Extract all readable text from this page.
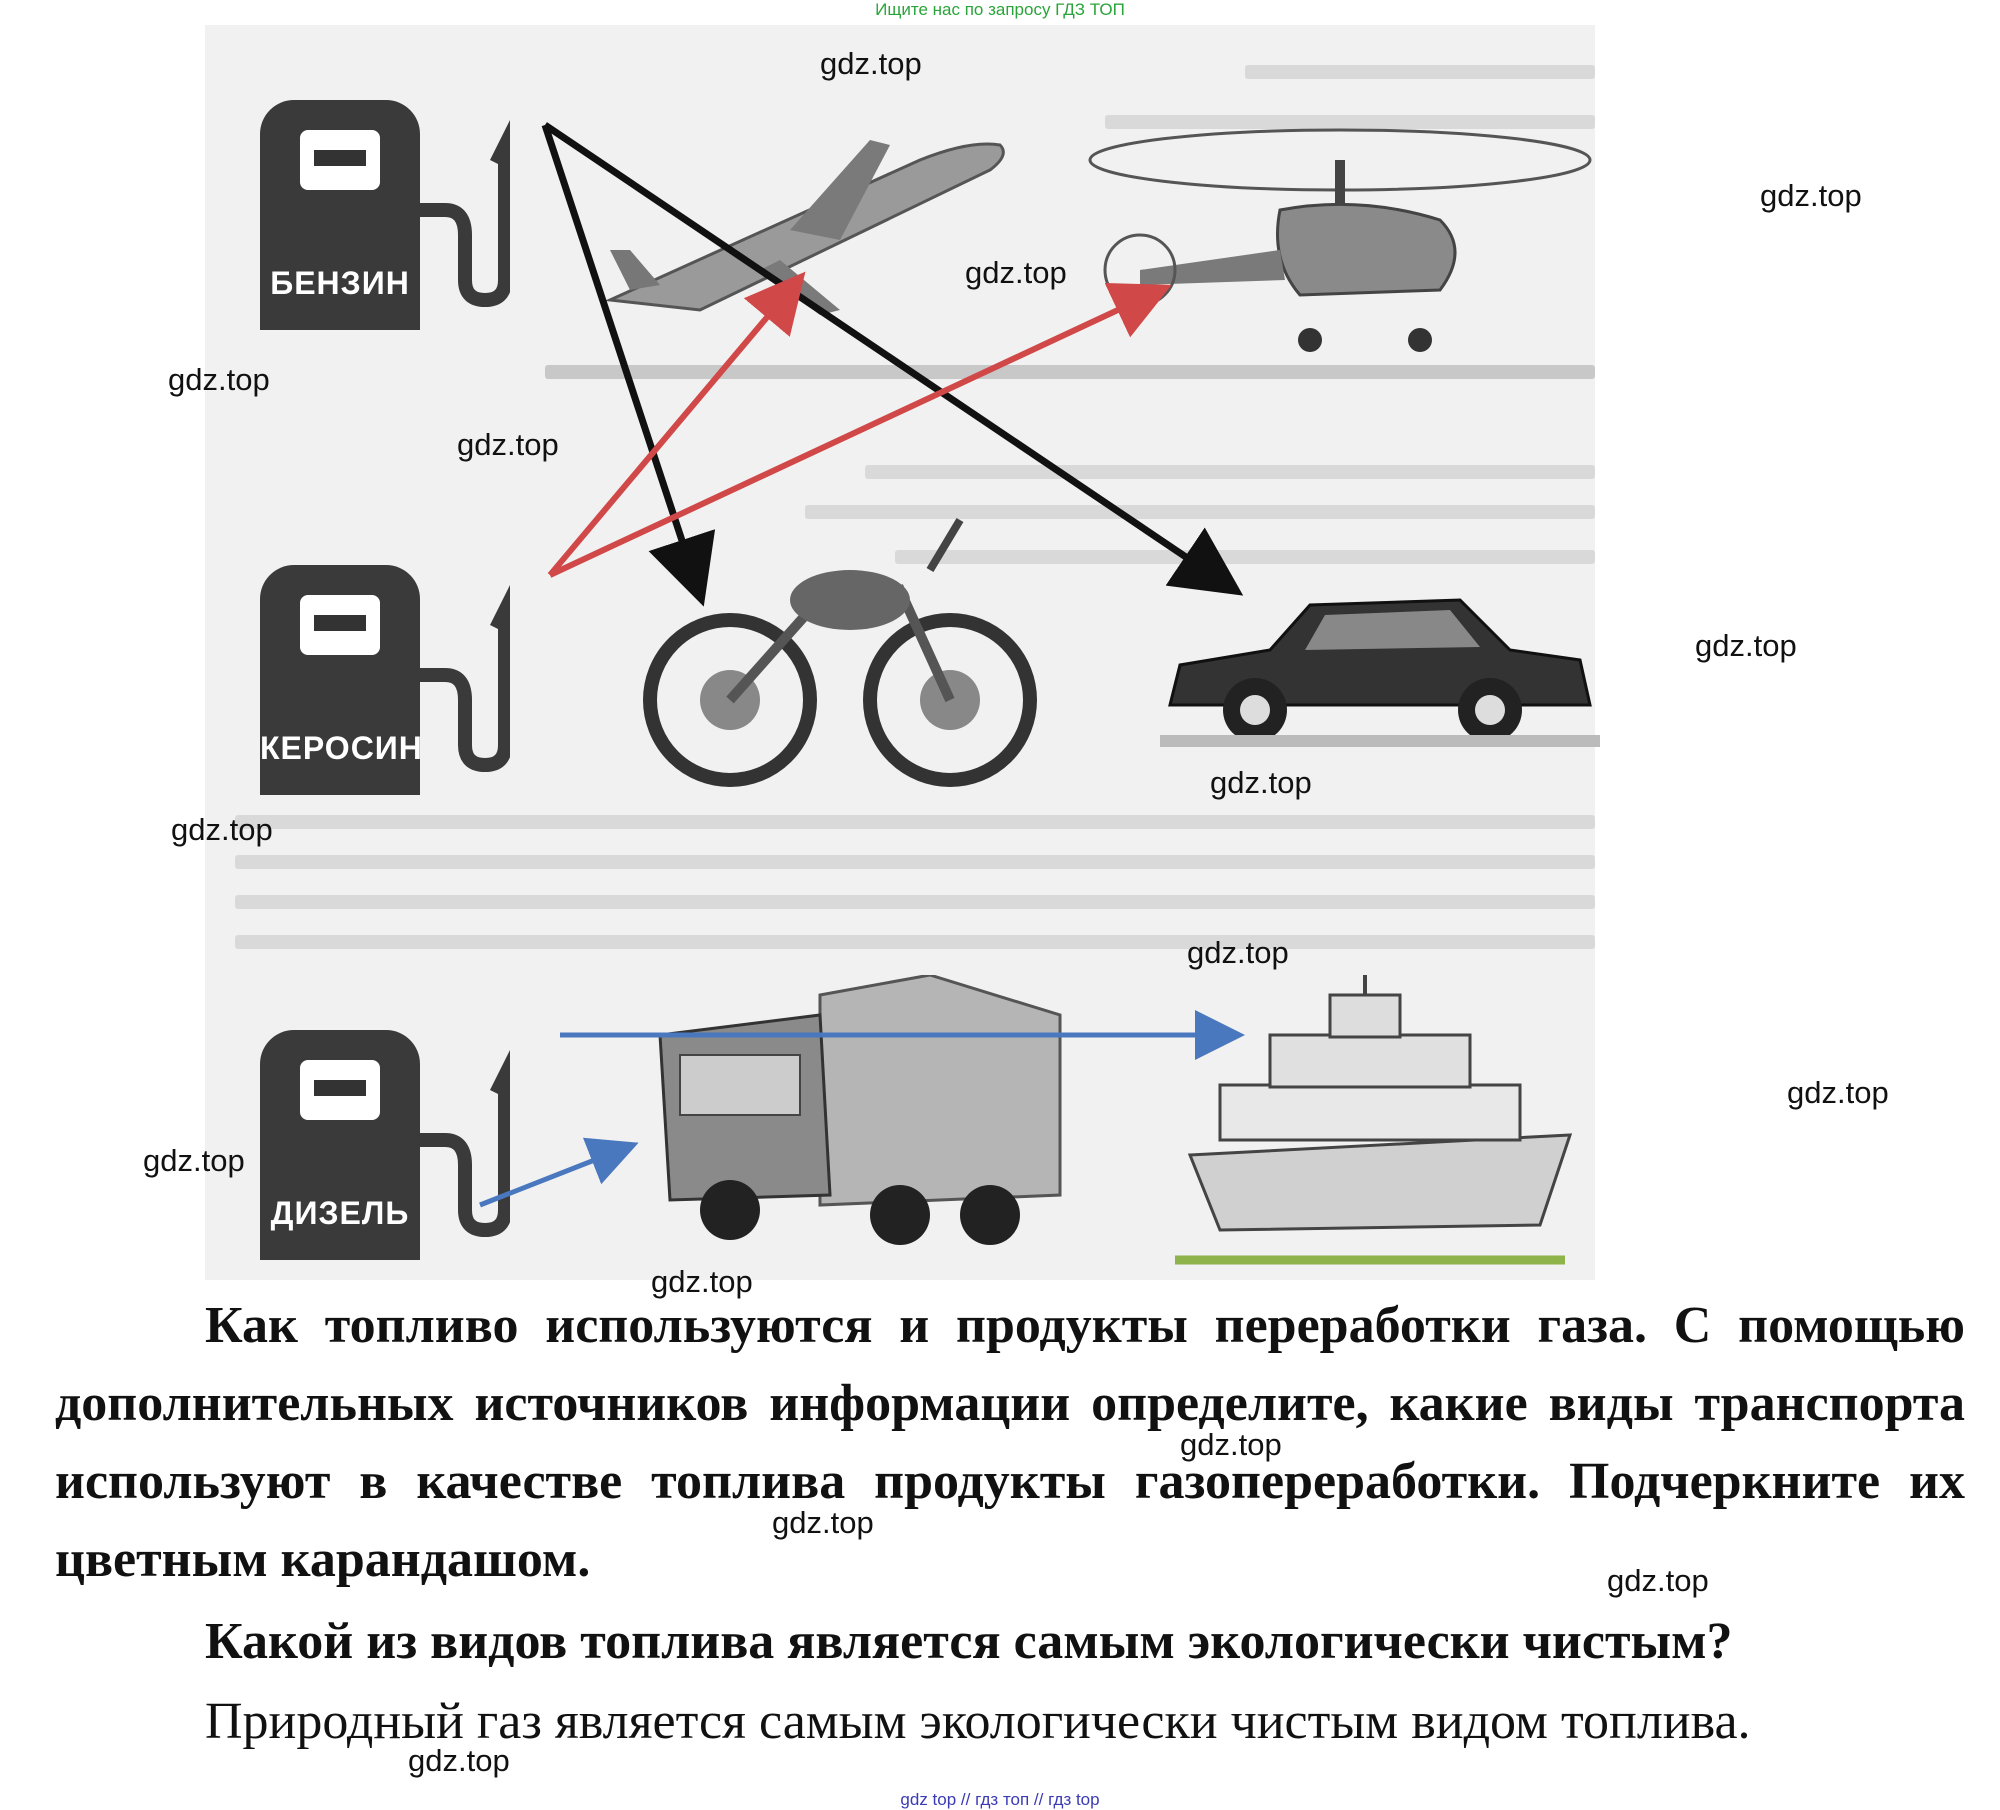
Ищите нас по запросу ГДЗ ТОП
БЕНЗИН
КЕРОСИН
ДИЗЕЛЬ
gdz.top
gdz.top
gdz.top
gdz.top
gdz.top
gdz.top
gdz.top
gdz.top
gdz.top
gdz.top
gdz.top
gdz.top
gdz.top
gdz.top
gdz.top
gdz.top
Как топливо используются и продукты переработки газа. С помощью дополнительных источников информации определите, какие виды транспорта используют в качестве топлива продукты газопереработки. Подчеркните их цветным карандашом.
Какой из видов топлива является самым экологически чистым?
Природный газ является самым экологически чистым видом топлива.
gdz top // гдз топ // гдз top
